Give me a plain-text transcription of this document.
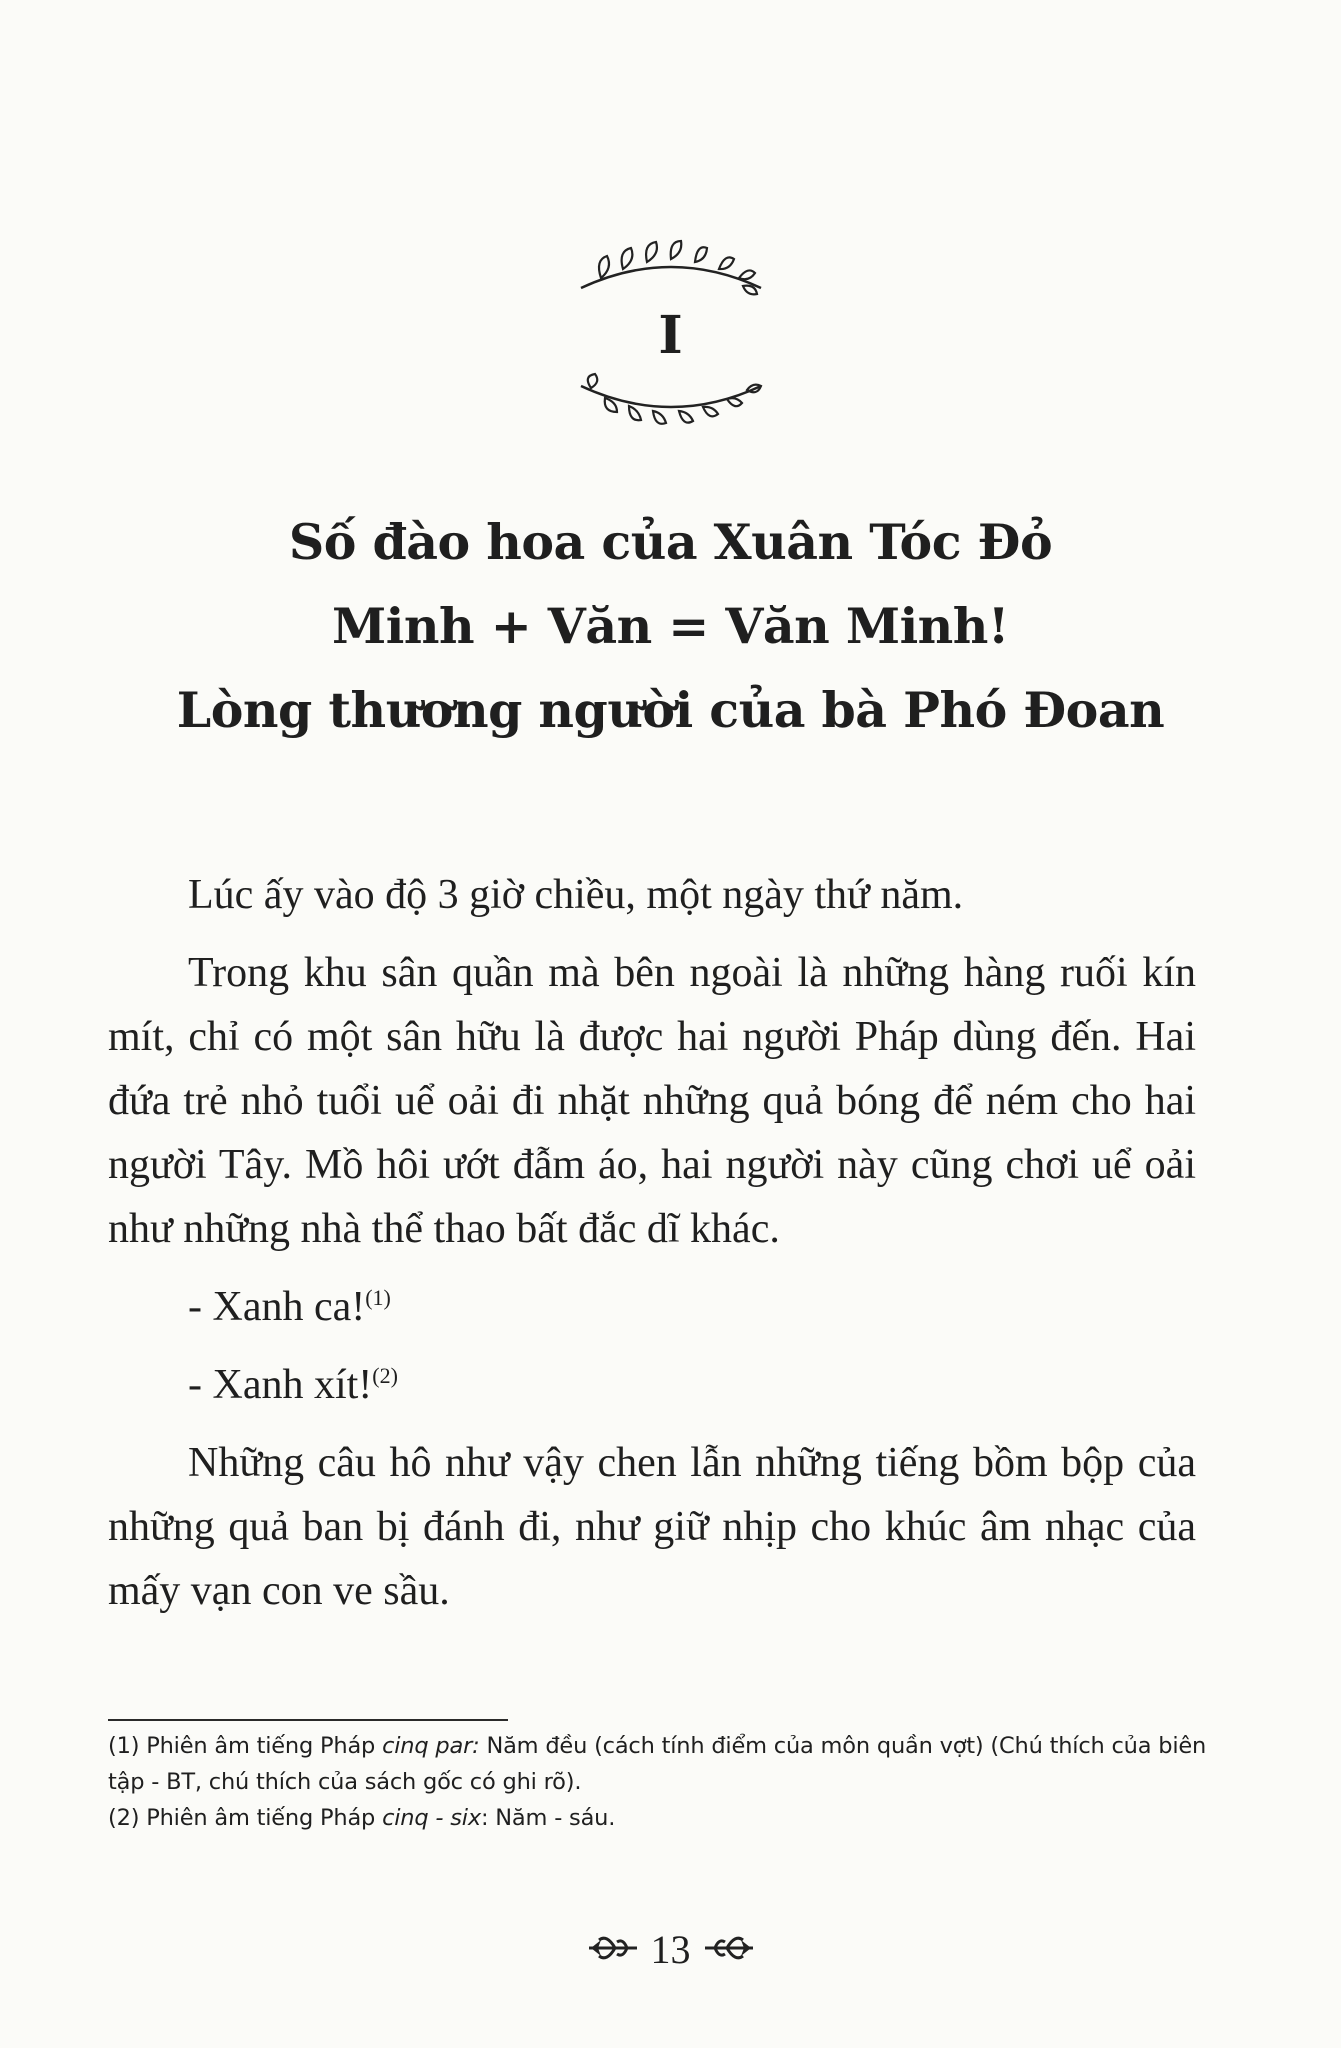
I
Số đào hoa của Xuân Tóc Đỏ
Minh + Văn = Văn Minh!
Lòng thương người của bà Phó Đoan

Lúc ấy vào độ 3 giờ chiều, một ngày thứ năm.

Trong khu sân quần mà bên ngoài là những hàng ruối kín mít, chỉ có một sân hữu là được hai người Pháp dùng đến. Hai đứa trẻ nhỏ tuổi uể oải đi nhặt những quả bóng để ném cho hai người Tây. Mồ hôi ướt đẫm áo, hai người này cũng chơi uể oải như những nhà thể thao bất đắc dĩ khác.

- Xanh ca!$^{(1)}$

- Xanh xít!$^{(2)}$

Những câu hô như vậy chen lẫn những tiếng bồm bộp của những quả ban bị đánh đi, như giữ nhịp cho khúc âm nhạc của mấy vạn con ve sầu.

(1) Phiên âm tiếng Pháp cinq par: Năm đều (cách tính điểm của môn quần vợt) (Chú thích của biên tập - BT, chú thích của sách gốc có ghi rõ).

(2) Phiên âm tiếng Pháp cinq - six: Năm - sáu.

13
